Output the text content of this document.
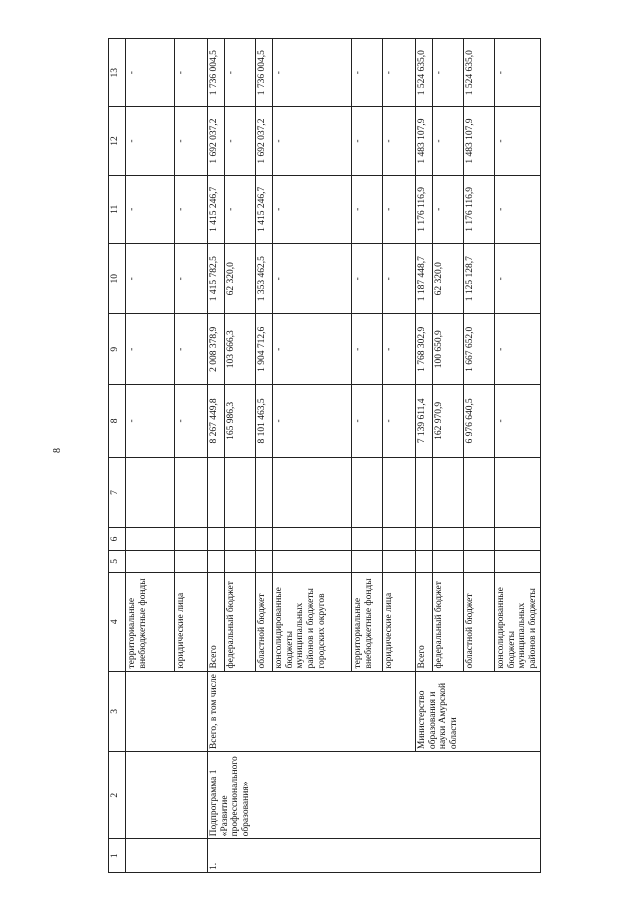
8
1	2	3	4	5	6	7	8	9	10	11	12	13
			территориальные внебюджетные фонды				-	-	-	-	-	-
			юридические лица				-	-	-	-	-	-
1.	Подпрограмма 1 «Развитие профессионального образования»	Всего, в том числе	Всего				8 267 449,8	2 008 378,9	1 415 782,5	1 415 246,7	1 692 037,2	1 736 004,5
			федеральный бюджет				165 986,3	103 666,3	62 320,0	-	-	-
			областной бюджет				8 101 463,5	1 904 712,6	1 353 462,5	1 415 246,7	1 692 037,2	1 736 004,5
			консолидированные бюджеты муниципальных районов и бюджеты городских округов				-	-	-	-	-	-
			территориальные внебюджетные фонды				-	-	-	-	-	-
			юридические лица				-	-	-	-	-	-
		Министерство образования и науки Амурской области	Всего				7 139 611,4	1 768 302,9	1 187 448,7	1 176 116,9	1 483 107,9	1 524 635,0
			федеральный бюджет				162 970,9	100 650,9	62 320,0	-	-	-
			областной бюджет				6 976 640,5	1 667 652,0	1 125 128,7	1 176 116,9	1 483 107,9	1 524 635,0
			консолидированные бюджеты муниципальных районов и бюджеты				-	-	-	-	-	-
